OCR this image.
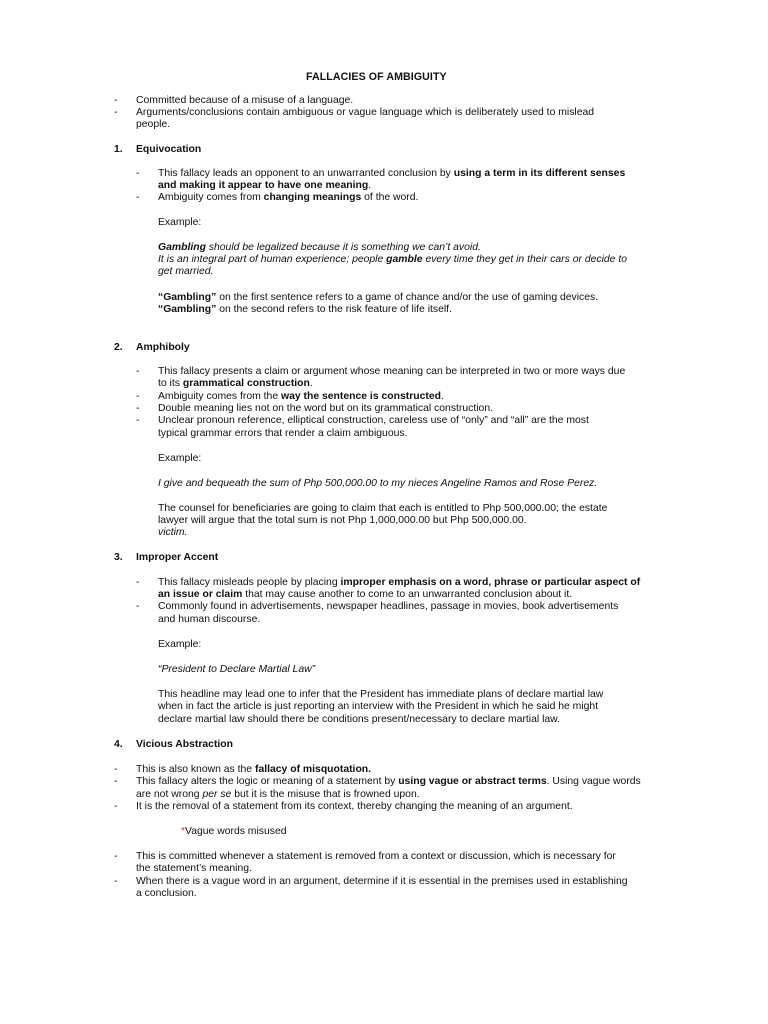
FALLACIES OF AMBIGUITY
- Committed because of a misuse of a language.
- Arguments/conclusions contain ambiguous or vague language which is deliberately used to mislead
people.
1. Equivocation
- This fallacy leads an opponent to an unwarranted conclusion by using a term in its different senses
and making it appear to have one meaning.
- Ambiguity comes from changing meanings of the word.
Example:
Gambling should be legalized because it is something we can’t avoid.
It is an integral part of human experience; people gamble every time they get in their cars or decide to
get married.
“Gambling” on the first sentence refers to a game of chance and/or the use of gaming devices.
“Gambling” on the second refers to the risk feature of life itself.
2. Amphiboly
- This fallacy presents a claim or argument whose meaning can be interpreted in two or more ways due
to its grammatical construction.
- Ambiguity comes from the way the sentence is constructed.
- Double meaning lies not on the word but on its grammatical construction.
- Unclear pronoun reference, elliptical construction, careless use of “only” and “all” are the most
typical grammar errors that render a claim ambiguous.
Example:
I give and bequeath the sum of Php 500,000.00 to my nieces Angeline Ramos and Rose Perez.
The counsel for beneficiaries are going to claim that each is entitled to Php 500,000.00; the estate
lawyer will argue that the total sum is not Php 1,000,000.00 but Php 500,000.00.
victim.
3. Improper Accent
- This fallacy misleads people by placing improper emphasis on a word, phrase or particular aspect of
an issue or claim that may cause another to come to an unwarranted conclusion about it.
- Commonly found in advertisements, newspaper headlines, passage in movies, book advertisements
and human discourse.
Example:
“President to Declare Martial Law”
This headline may lead one to infer that the President has immediate plans of declare martial law
when in fact the article is just reporting an interview with the President in which he said he might
declare martial law should there be conditions present/necessary to declare martial law.
4. Vicious Abstraction
- This is also known as the fallacy of misquotation.
- This fallacy alters the logic or meaning of a statement by using vague or abstract terms. Using vague words
are not wrong per se but it is the misuse that is frowned upon.
- It is the removal of a statement from its context, thereby changing the meaning of an argument.
*Vague words misused
- This is committed whenever a statement is removed from a context or discussion, which is necessary for
the statement’s meaning.
- When there is a vague word in an argument, determine if it is essential in the premises used in establishing
a conclusion.
